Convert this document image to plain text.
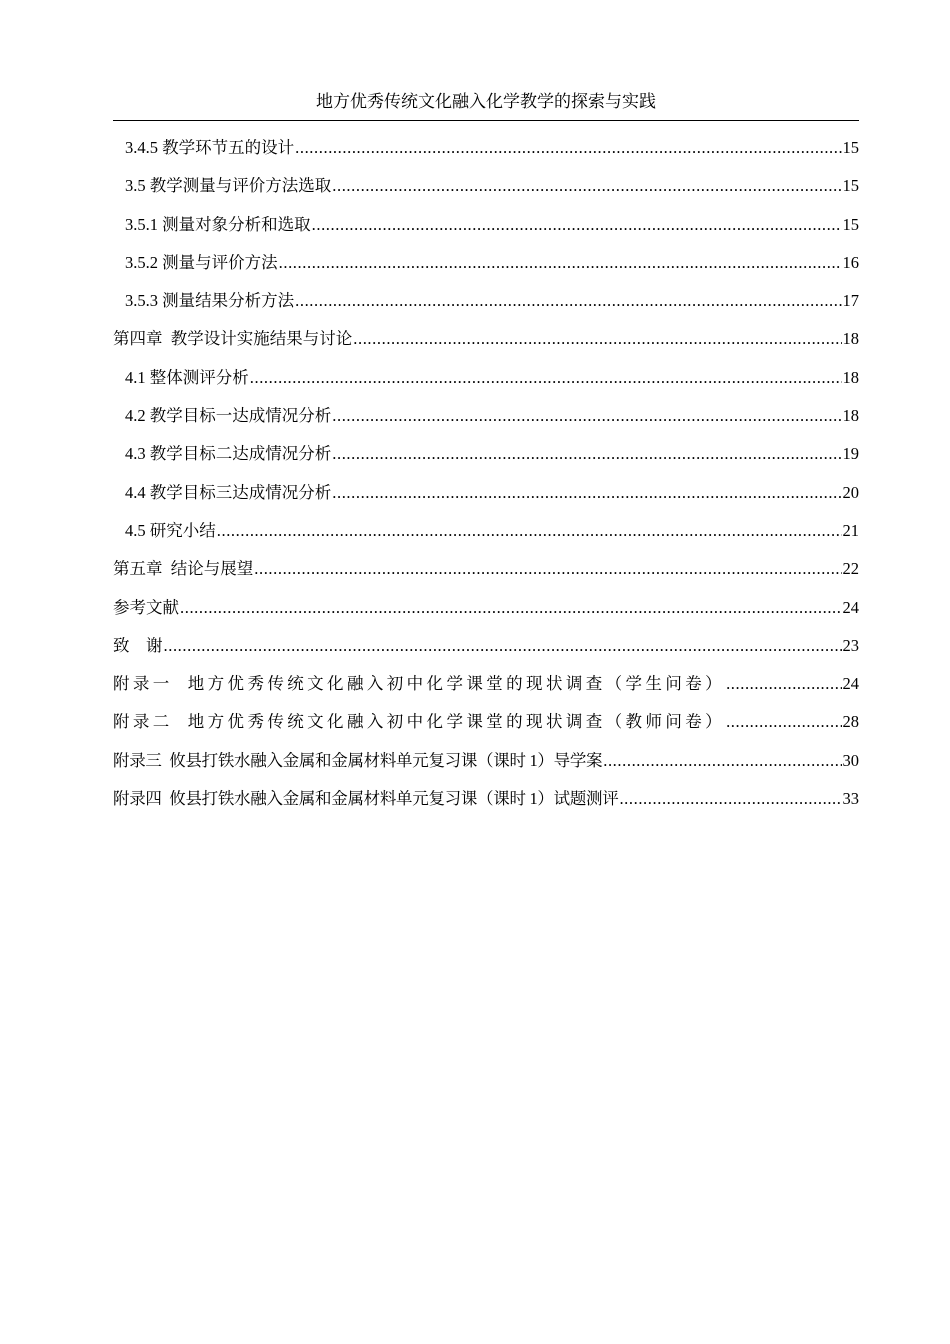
地方优秀传统文化融入化学教学的探索与实践
3.4.5 教学环节五的设计 .....	15
3.5 教学测量与评价方法选取 .....	15
3.5.1 测量对象分析和选取 .....	15
3.5.2 测量与评价方法 .....	16
3.5.3 测量结果分析方法 .....	17
第四章  教学设计实施结果与讨论 .....	18
4.1 整体测评分析 .....	18
4.2 教学目标一达成情况分析 .....	18
4.3 教学目标二达成情况分析 .....	19
4.4 教学目标三达成情况分析 .....	20
4.5 研究小结 .....	21
第五章  结论与展望 .....	22
参考文献 .....	24
致    谢 .....	23
附录一  地方优秀传统文化融入初中化学课堂的现状调查（学生问卷） .....	24
附录二  地方优秀传统文化融入初中化学课堂的现状调查（教师问卷） .....	28
附录三  攸县打铁水融入金属和金属材料单元复习课（课时 1）导学案 .....	30
附录四  攸县打铁水融入金属和金属材料单元复习课（课时 1）试题测评 .....	33
